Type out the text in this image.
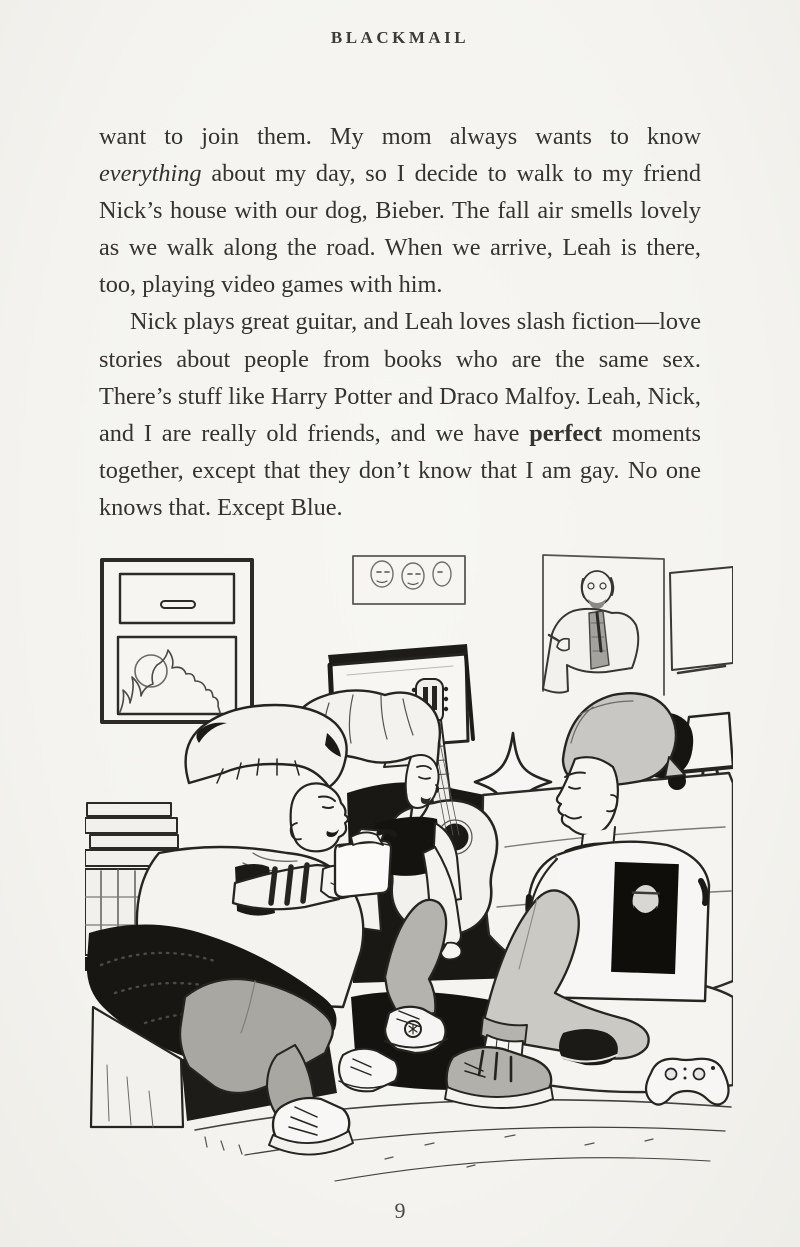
BLACKMAIL

want to join them. My mom always wants to know everything about my day, so I decide to walk to my friend Nick’s house with our dog, Bieber. The fall air smells lovely as we walk along the road. When we arrive, Leah is there, too, playing video games with him.

Nick plays great guitar, and Leah loves slash fiction—love stories about people from books who are the same sex. There’s stuff like Harry Potter and Draco Malfoy. Leah, Nick, and I are really old friends, and we have perfect moments together, except that they don’t know that I am gay. No one knows that. Except Blue.

9
